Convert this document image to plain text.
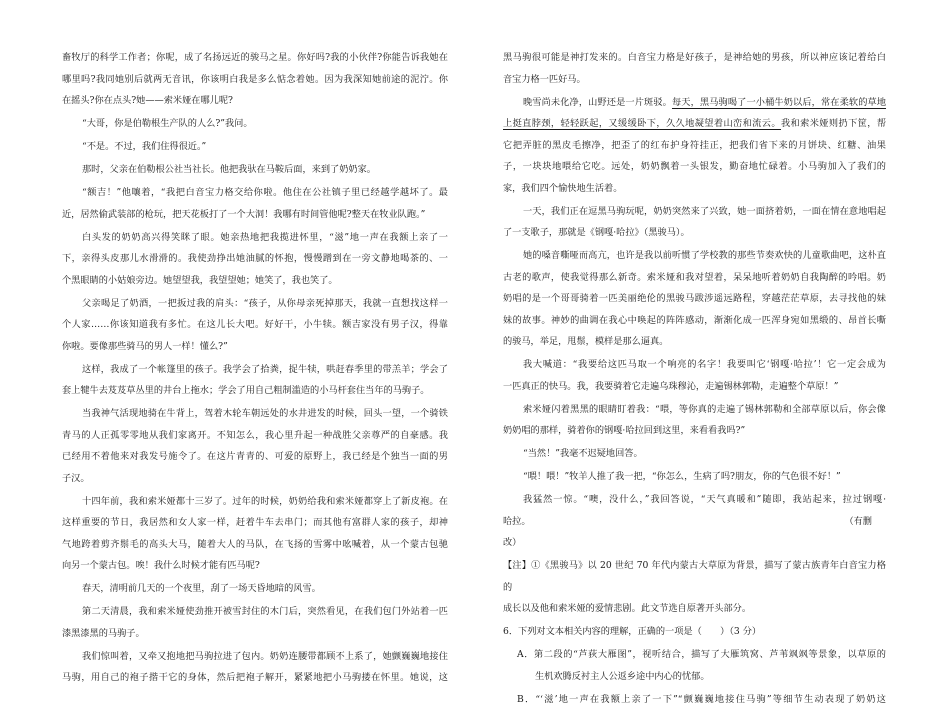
畜牧厅的科学工作者；你呢，成了名扬远近的骏马之星。你好吗?我的小伙伴?你能告诉我她在
哪里吗?我同她别后就两无音讯，你该明白我是多么惦念着她。因为我深知她前途的泥泞。你
在摇头?你在点头?她——索米娅在哪儿呢?
“大哥，你是伯勒根生产队的人么?”我问。
“不是。不过，我们住得很近。”
那时，父亲在伯勒根公社当社长。他把我驮在马鞍后面，来到了奶奶家。
“额吉！”他嚷着，“我把白音宝力格交给你啦。他住在公社镇子里已经越学越坏了。最
近，居然偷武装部的枪玩，把天花板打了一个大洞！我哪有时间管他呢?整天在牧业队跑。”
白头发的奶奶高兴得笑眯了眼。她亲热地把我揽进怀里，“滋”地一声在我额上亲了一
下，亲得头皮那儿水滑滑的。我使劲挣出她油腻的怀抱，慢慢蹭到在一旁文静地喝茶的、一
个黑眼睛的小姑娘旁边。她望望我，我望望她；她笑了，我也笑了。
父亲喝足了奶酒，一把扳过我的肩头：“孩子，从你母亲死掉那天，我就一直想找这样一
个人家……你该知道我有多忙。在这儿长大吧。好好干，小牛犊。额吉家没有男子汉，得靠
你啦。要像那些骑马的男人一样！懂么?”
这样，我成了一个帐篷里的孩子。我学会了拾粪，捉牛犊，哄赶春季里的带羔羊；学会了
套上犍牛去芨芨草丛里的井台上拖水；学会了用自己粗制滥造的小马杆套住当年的马驹子。
当我神气活现地骑在牛背上，驾着木轮车朝远处的水井进发的时候，回头一望，一个骑铁
青马的人正孤零零地从我们家离开。不知怎么，我心里升起一种战胜父亲尊严的自豪感。我
已经用不着他来对我发号施令了。在这片青青的、可爱的原野上，我已经是个独当一面的男
子汉。
十四年前，我和索米娅都十三岁了。过年的时候，奶奶给我和索米娅都穿上了新皮袍。在
这样重要的节日，我居然和女人家一样，赶着牛车去串门；而其他有富群人家的孩子，却神
气地跨着剪齐鬃毛的高头大马，随着大人的马队，在飞扬的雪雾中吆喊着，从一个蒙古包驰
向另一个蒙古包。唉！我什么时候才能有匹马呢?
春天，清明前几天的一个夜里，刮了一场天昏地暗的风雪。
第二天清晨，我和索米娅使劲推开被雪封住的木门后，突然看见，在我们包门外站着一匹
漆黑漆黑的马驹子。
我们惊叫着，又牵又抱地把马驹拉进了包内。奶奶连腰带都顾不上系了，她颤巍巍地接住
马驹，用自己的袍子揩干它的身体，然后把袍子解开，紧紧地把小马驹搂在怀里。她说，这
黑马驹很可能是神打发来的。白音宝力格是好孩子，是神给她的男孩，所以神应该记着给白
音宝力格一匹好马。
晚雪尚未化净，山野还是一片斑驳。每天，黑马驹喝了一小桶牛奶以后，常在柔软的草地
上挺直脖颈，轻轻跃起，又缓缓卧下，久久地凝望着山峦和流云。我和索米娅则扔下筐，帮
它把弄脏的黑皮毛擦净，把歪了的红布护身符挂正，把我们省下来的月饼块、红糖、油果
子，一块块地喂给它吃。远处，奶奶飘着一头银发，勤奋地忙碌着。小马驹加入了我们的
家，我们四个愉快地生活着。
一天，我们正在逗黑马驹玩呢，奶奶突然来了兴致，她一面挤着奶，一面在情在意地唱起
了一支歌子，那就是《钢嘎·哈拉》（黑骏马）。
她的嗓音嘶哑而高亢，也许是我以前听惯了学校教的那些节奏欢快的儿童歌曲吧，这朴直
古老的歌声，使我觉得那么新奇。索米娅和我对望着，呆呆地听着奶奶自我陶醉的吟唱。奶
奶唱的是一个哥哥骑着一匹美丽绝伦的黑骏马跋涉遥远路程，穿越茫茫草原，去寻找他的妹
妹的故事。神妙的曲调在我心中唤起的阵阵感动，渐渐化成一匹浑身宛如黑缎的、昂首长嘶
的骏马，举足，甩鬃，模样是那么逼真。
我大喊道：“我要给这匹马取一个响亮的名字！我要叫它‘钢嘎·哈拉’！它一定会成为
一匹真正的快马。我，我要骑着它走遍乌珠穆沁，走遍锡林郭勒，走遍整个草原！”
索米娅闪着黑黑的眼睛盯着我：“喂，等你真的走遍了锡林郭勒和全部草原以后，你会像
奶奶唱的那样，骑着你的钢嘎·哈拉回到这里，来看看我吗?”
“当然！”我毫不迟疑地回答。
“喂！喂！”牧羊人推了我一把，“你怎么，生病了吗?朋友，你的气色很不好！”
我猛然一惊。“噢，没什么，”我回答说，“天气真暖和”随即，我站起来，拉过钢嘎·
（有删
哈拉。
改）
【注】①《黑骏马》以 20 世纪 70 年代内蒙古大草原为背景，描写了蒙古族青年白音宝力格的
成长以及他和索米娅的爱情悲剧。此文节选自原著开头部分。
6．下列对文本相关内容的理解，正确的一项是（　　）（3 分）
A．第二段的“芦荻大雁图”，视听结合，描写了大雁筑窝、芦苇飒飒等景象，以草原的
生机欢腾反衬主人公返乡途中内心的忧郁。
B．“‘滋’地一声在我额上亲了一下”“颤巍巍地接住马驹”等细节生动表现了奶奶这
